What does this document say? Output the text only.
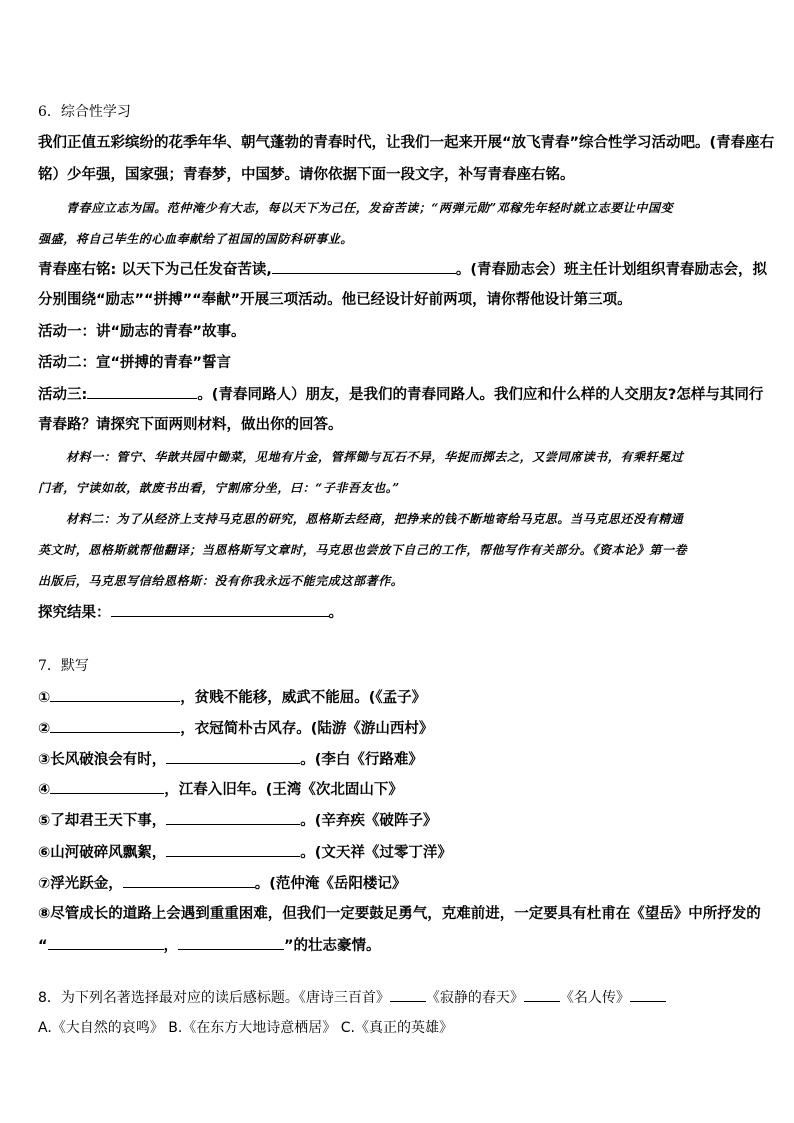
6．综合性学习
我们正值五彩缤纷的花季年华、朝气蓬勃的青春时代，让我们一起来开展“放飞青春”综合性学习活动吧。(青春座右
铭）少年强，国家强；青春梦，中国梦。请你依据下面一段文字，补写青春座右铭。
青春应立志为国。范仲淹少有大志，每以天下为己任，发奋苦读；“两弹元勋”邓稼先年轻时就立志要让中国变
强盛，将自己毕生的心血奉献给了祖国的国防科研事业。
青春座右铭: 以天下为己任发奋苦读,	。(青春励志会）班主任计划组织青春励志会，拟
分别围绕“励志”“拼搏”“奉献”开展三项活动。他已经设计好前两项，请你帮他设计第三项。
活动一：讲“励志的青春”故事。
活动二：宣“拼搏的青春”誓言
活动三:	。(青春同路人）朋友，是我们的青春同路人。我们应和什么样的人交朋友?怎样与其同行
青春路？请探究下面两则材料，做出你的回答。
材料一：管宁、华歆共园中锄菜，见地有片金，管挥锄与瓦石不异，华捉而掷去之，又尝同席读书，有乘轩冕过
门者，宁读如故，歆废书出看，宁割席分坐，曰：“子非吾友也。”
材料二：为了从经济上支持马克思的研究，恩格斯去经商，把挣来的钱不断地寄给马克思。当马克思还没有精通
英文时，恩格斯就帮他翻译；当恩格斯写文章时，马克思也尝放下自己的工作，帮他写作有关部分。《资本论》第一卷
出版后，马克思写信给恩格斯：没有你我永远不能完成这部著作。
探究结果：	。
7．默写
①	，贫贱不能移，威武不能屈。(《孟子》
②	，衣冠简朴古风存。(陆游《游山西村》
③长风破浪会有时，	。(李白《行路难》
④	，江春入旧年。(王湾《次北固山下》
⑤了却君王天下事，	。(辛弃疾《破阵子》
⑥山河破碎风飘絮，	。(文天祥《过零丁洋》
⑦浮光跃金，	。(范仲淹《岳阳楼记》
⑧尽管成长的道路上会遇到重重困难，但我们一定要鼓足勇气，克难前进，一定要具有杜甫在《望岳》中所抒发的
“	，	”的壮志豪情。
8．为下列名著选择最对应的读后感标题。《唐诗三百首》	《寂静的春天》	《名人传》
A.《大自然的哀鸣》 B.《在东方大地诗意栖居》 C.《真正的英雄》
